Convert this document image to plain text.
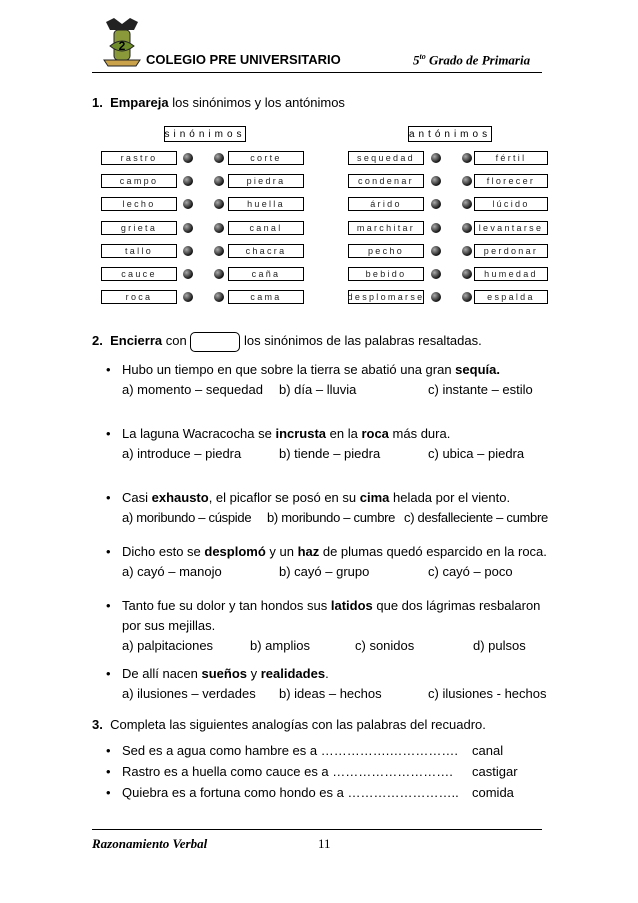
2
COLEGIO PRE UNIVERSITARIO	$5^{to}$ Grado de Primaria
1. Empareja los sinónimos y los antónimos
sinónimos	antónimos
rastro	corte	sequedad	fértil
campo	piedra	condenar	florecer
lecho	huella	árido	lúcido
grieta	canal	marchitar	levantarse
tallo	chacra	pecho	perdonar
cauce	caña	bebido	humedad
roca	cama	desplomarse	espalda
2. Encierra con	los sinónimos de las palabras resaltadas.
• Hubo un tiempo en que sobre la tierra se abatió una gran sequía.
a) momento – sequedad b) día – lluvia	c) instante – estilo
• La laguna Wacracocha se incrusta en la roca más dura.
a) introduce – piedra	b) tiende – piedra	c) ubica – piedra
• Casi exhausto, el picaflor se posó en su cima helada por el viento.
a) moribundo – cúspide b) moribundo – cumbre c) desfalleciente – cumbre
• Dicho esto se desplomó y un haz de plumas quedó esparcido en la roca.
a) cayó – manojo	b) cayó – grupo	c) cayó – poco
• Tanto fue su dolor y tan hondos sus latidos que dos lágrimas resbalaron
por sus mejillas.
a) palpitaciones	b) amplios	c) sonidos	d) pulsos
• De allí nacen sueños y realidades.
a) ilusiones – verdades b) ideas – hechos	c) ilusiones - hechos
3. Completa las siguientes analogías con las palabras del recuadro.
• Sed es a agua como hambre es a …………….……………. canal
• Rastro es a huella como cauce es a ………………………. castigar
• Quiebra es a fortuna como hondo es a …………………….. comida
Razonamiento Verbal	11
